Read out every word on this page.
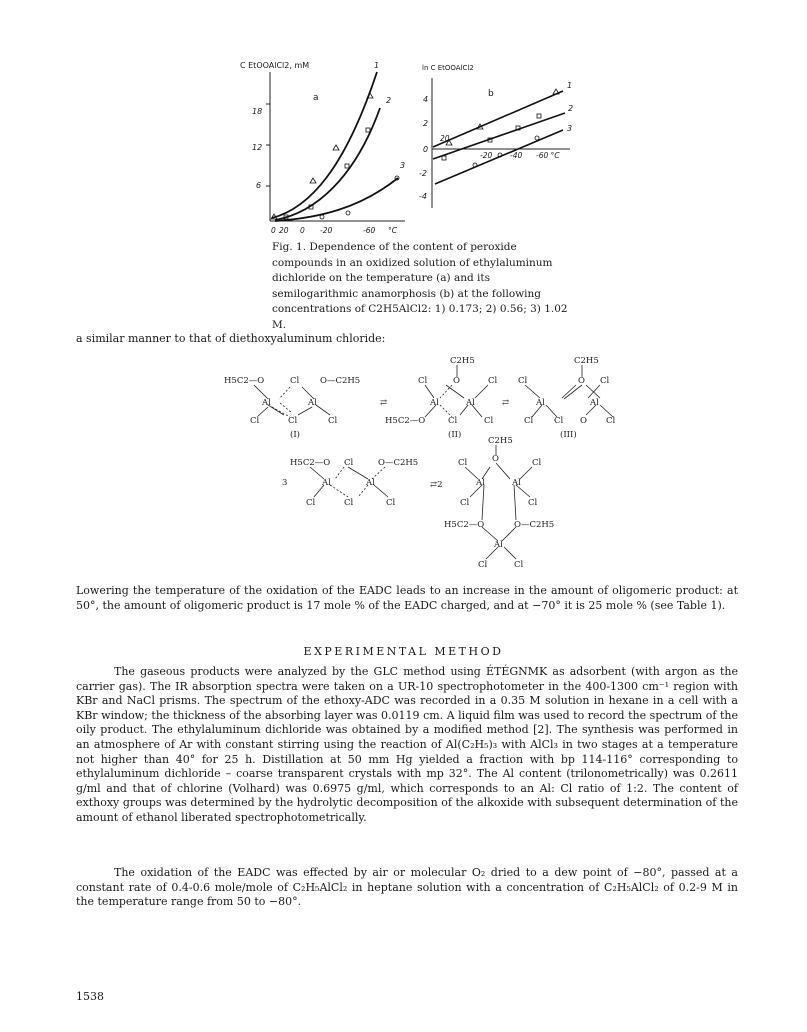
C EtOOAlCl2, mM
a
18
12
6
0 20 0 -20	-60 °C
1
2
3
ln C EtOOAlCl2
b
4
2
0
-2
-4
20
-20 -40 -60 °C
1
2
3
Fig. 1. Dependence of the content of peroxide compounds in an oxidized solution of ethylaluminum dichloride on the temperature (a) and its semilogarithmic anamorphosis (b) at the following concentrations of C2H5AlCl2: 1) 0.173; 2) 0.56; 3) 1.02 M.

a similar manner to that of diethoxyaluminum chloride:

H5C2—O	Cl O—C2H5
Al	Al
Cl	Cl	Cl
(I)
⇄
C2H5
Cl	O	Cl
Al	Al
H5C2—O	Cl	Cl
(II)
⇄
C2H5
Cl	O Cl
Al	Al
Cl Cl O Cl
(III)
3
H5C2—O Cl	O—C2H5
Al	Al
Cl	Cl	Cl
⇄2
C2H5
Cl	O	Cl
Al	Al
Cl	Cl
H5C2—O	O—C2H5
Al
Cl	Cl

Lowering the temperature of the oxidation of the EADC leads to an increase in the amount of oligomeric product: at 50°, the amount of oligomeric product is 17 mole % of the EADC charged, and at −70° it is 25 mole % (see Table 1).

EXPERIMENTAL METHOD

The gaseous products were analyzed by the GLC method using ÉTÉGNMK as adsorbent (with argon as the carrier gas). The IR absorption spectra were taken on a UR-10 spectrophotometer in the 400-1300 cm⁻¹ region with KBr and NaCl prisms. The spectrum of the ethoxy-ADC was recorded in a 0.35 M solution in hexane in a cell with a KBr window; the thickness of the absorbing layer was 0.0119 cm. A liquid film was used to record the spectrum of the oily product. The ethylaluminum dichloride was obtained by a modified method [2]. The synthesis was performed in an atmosphere of Ar with constant stirring using the reaction of Al(C₂H₅)₃ with AlCl₃ in two stages at a temperature not higher than 40° for 25 h. Distillation at 50 mm Hg yielded a fraction with bp 114-116° corresponding to ethylaluminum dichloride – coarse transparent crystals with mp 32°. The Al content (trilonometrically) was 0.2611 g/ml and that of chlorine (Volhard) was 0.6975 g/ml, which corresponds to an Al: Cl ratio of 1:2. The content of exthoxy groups was determined by the hydrolytic decomposition of the alkoxide with subsequent determination of the amount of ethanol liberated spectrophotometrically.

The oxidation of the EADC was effected by air or molecular O₂ dried to a dew point of −80°, passed at a constant rate of 0.4-0.6 mole/mole of C₂H₅AlCl₂ in heptane solution with a concentration of C₂H₅AlCl₂ of 0.2-9 M in the temperature range from 50 to −80°.

1538
